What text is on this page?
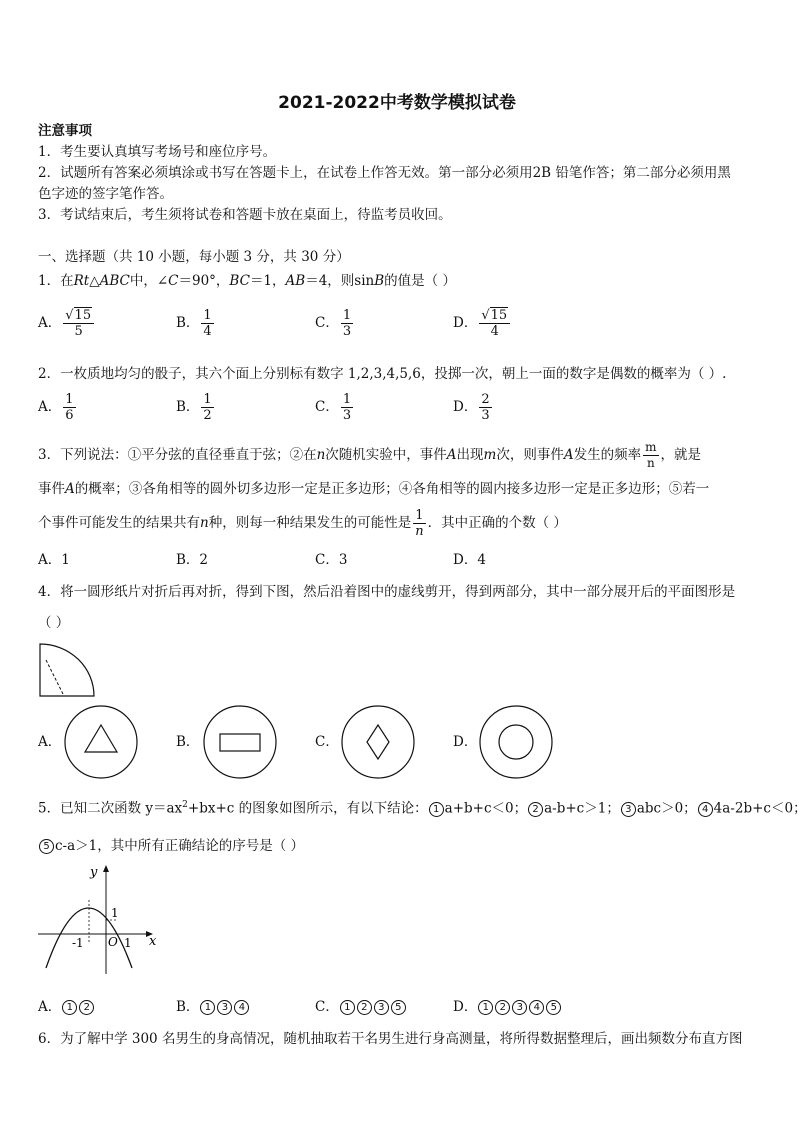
2021-2022中考数学模拟试卷
注意事项
1．考生要认真填写考场号和座位序号。
2．试题所有答案必须填涂或书写在答题卡上，在试卷上作答无效。第一部分必须用2B 铅笔作答；第二部分必须用黑
色字迹的签字笔作答。
3．考试结束后，考生须将试卷和答题卡放在桌面上，待监考员收回。
一、选择题（共 10 小题，每小题 3 分，共 30 分）
1．在Rt△ABC中，∠C＝90°，BC＝1，AB＝4，则sinB的值是（ ）
A． $\frac{√15}{5}$	B． $\frac{1}{4}$	C． $\frac{1}{3}$	D． $\frac{√15}{4}$
2．一枚质地均匀的骰子，其六个面上分别标有数字 1,2,3,4,5,6，投掷一次，朝上一面的数字是偶数的概率为（ ）.
A． $\frac{1}{6}$	B． $\frac{1}{2}$	C． $\frac{1}{3}$	D． $\frac{2}{3}$
3．下列说法：①平分弦的直径垂直于弦；②在n次随机实验中，事件A出现m次，则事件A发生的频率 $\frac{m}{n}$ ，就是
事件A的概率；③各角相等的圆外切多边形一定是正多边形；④各角相等的圆内接多边形一定是正多边形；⑤若一
个事件可能发生的结果共有n种，则每一种结果发生的可能性是 $\frac{1}{n}$ ．其中正确的个数（ ）
A．1	B．2	C．3	D．4
4．将一圆形纸片对折后再对折，得到下图，然后沿着图中的虚线剪开，得到两部分，其中一部分展开后的平面图形是
（ ）
A．	B．	C．	D．
5．已知二次函数 $y=ax^2+bx+c$ 的图象如图所示，有以下结论： 1 a+b+c＜0； 2 a-b+c＞1； 3 abc＞0； 4 4a-2b+c＜0；
5 c-a＞1，其中所有正确结论的序号是（ ）
y
x
O
-1	1
1
A． 1 2	B． 1 3 4	C． 1 2 3 5	D． 1 2 3 4 5
6．为了解中学 300 名男生的身高情况，随机抽取若干名男生进行身高测量，将所得数据整理后，画出频数分布直方图
